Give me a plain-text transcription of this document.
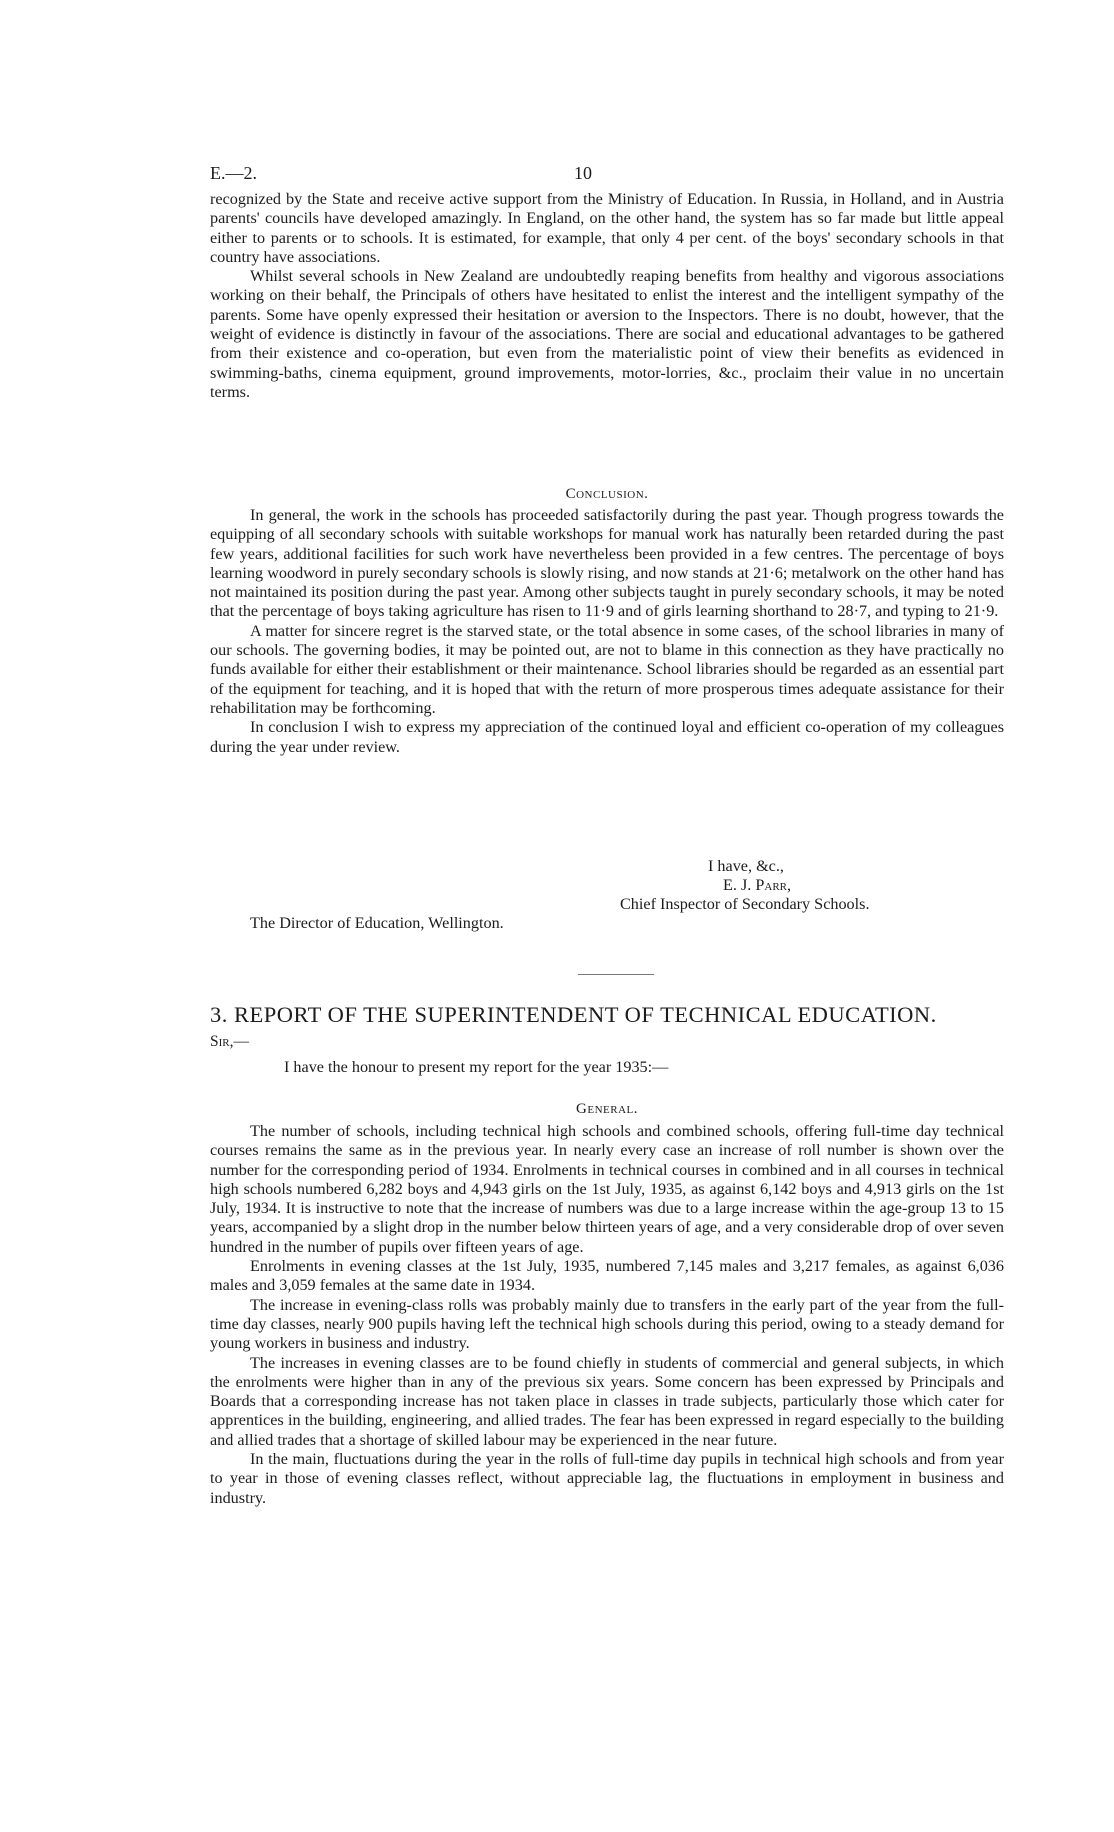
E.—2.	10

recognized by the State and receive active support from the Ministry of Education. In Russia, in Holland, and in Austria parents' councils have developed amazingly. In England, on the other hand, the system has so far made but little appeal either to parents or to schools. It is estimated, for example, that only 4 per cent. of the boys' secondary schools in that country have associations.

Whilst several schools in New Zealand are undoubtedly reaping benefits from healthy and vigorous associations working on their behalf, the Principals of others have hesitated to enlist the interest and the intelligent sympathy of the parents. Some have openly expressed their hesitation or aversion to the Inspectors. There is no doubt, however, that the weight of evidence is distinctly in favour of the associations. There are social and educational advantages to be gathered from their existence and co-operation, but even from the materialistic point of view their benefits as evidenced in swimming-baths, cinema equipment, ground improvements, motor-lorries, &c., proclaim their value in no uncertain terms.

Conclusion.

In general, the work in the schools has proceeded satisfactorily during the past year. Though progress towards the equipping of all secondary schools with suitable workshops for manual work has naturally been retarded during the past few years, additional facilities for such work have nevertheless been provided in a few centres. The percentage of boys learning woodword in purely secondary schools is slowly rising, and now stands at 21·6; metalwork on the other hand has not maintained its position during the past year. Among other subjects taught in purely secondary schools, it may be noted that the percentage of boys taking agriculture has risen to 11·9 and of girls learning shorthand to 28·7, and typing to 21·9.

A matter for sincere regret is the starved state, or the total absence in some cases, of the school libraries in many of our schools. The governing bodies, it may be pointed out, are not to blame in this connection as they have practically no funds available for either their establishment or their maintenance. School libraries should be regarded as an essential part of the equipment for teaching, and it is hoped that with the return of more prosperous times adequate assistance for their rehabilitation may be forthcoming.

In conclusion I wish to express my appreciation of the continued loyal and efficient co-operation of my colleagues during the year under review.

I have, &c.,
E. J. Parr,
Chief Inspector of Secondary Schools.
The Director of Education, Wellington.
3. REPORT OF THE SUPERINTENDENT OF TECHNICAL EDUCATION.
Sir,—
I have the honour to present my report for the year 1935:—
General.

The number of schools, including technical high schools and combined schools, offering full-time day technical courses remains the same as in the previous year. In nearly every case an increase of roll number is shown over the number for the corresponding period of 1934. Enrolments in technical courses in combined and in all courses in technical high schools numbered 6,282 boys and 4,943 girls on the 1st July, 1935, as against 6,142 boys and 4,913 girls on the 1st July, 1934. It is instructive to note that the increase of numbers was due to a large increase within the age-group 13 to 15 years, accompanied by a slight drop in the number below thirteen years of age, and a very considerable drop of over seven hundred in the number of pupils over fifteen years of age.

Enrolments in evening classes at the 1st July, 1935, numbered 7,145 males and 3,217 females, as against 6,036 males and 3,059 females at the same date in 1934.

The increase in evening-class rolls was probably mainly due to transfers in the early part of the year from the full-time day classes, nearly 900 pupils having left the technical high schools during this period, owing to a steady demand for young workers in business and industry.

The increases in evening classes are to be found chiefly in students of commercial and general subjects, in which the enrolments were higher than in any of the previous six years. Some concern has been expressed by Principals and Boards that a corresponding increase has not taken place in classes in trade subjects, particularly those which cater for apprentices in the building, engineering, and allied trades. The fear has been expressed in regard especially to the building and allied trades that a shortage of skilled labour may be experienced in the near future.

In the main, fluctuations during the year in the rolls of full-time day pupils in technical high schools and from year to year in those of evening classes reflect, without appreciable lag, the fluctuations in employment in business and industry.
